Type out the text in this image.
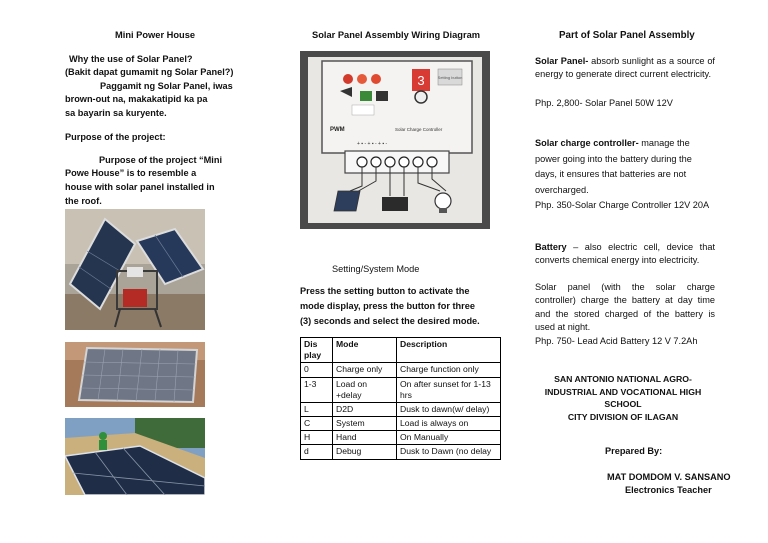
Mini Power House
Why the use of Solar Panel?
(Bakit dapat gumamit ng Solar Panel?)
Paggamit ng Solar Panel, iwas
brown-out na, makakatipid ka pa
sa bayarin sa kuryente.
Purpose of the project:
Purpose of the project “Mini
Powe House” is to resemble a
house with solar panel installed in
the roof.
Solar Panel Assembly Wiring Diagram
3	Setting button
PWM	Solar Charge Controller
+ ▪ - + ▪ - + ▪ -
Setting/System Mode
Press the setting button to activate the
mode display, press the button for three
(3) seconds and select the desired mode.
Dis play	Mode	Description
0	Charge only	Charge function only
1-3	Load on +delay	On after sunset for 1-13 hrs
L	D2D	Dusk to dawn(w/ delay)
C	System	Load is always on
H	Hand	On Manually
d	Debug	Dusk to Dawn (no delay
Part of Solar Panel Assembly
Solar Panel- absorb sunlight as a source of energy to generate direct current electricity.
Php. 2,800- Solar Panel 50W 12V
Solar charge controller- manage the power going into the battery during the days, it ensures that batteries are not overcharged.
Php. 350-Solar Charge Controller 12V 20A
Battery – also electric cell, device that converts chemical energy into electricity.
Solar panel (with the solar charge controller) charge the battery at day time and the stored charged of the battery is used at night.
Php. 750- Lead Acid Battery 12 V 7.2Ah
SAN ANTONIO NATIONAL AGRO-
INDUSTRIAL AND VOCATIONAL HIGH
SCHOOL
CITY DIVISION OF ILAGAN
Prepared By:
MAT DOMDOM V. SANSANO
Electronics Teacher
